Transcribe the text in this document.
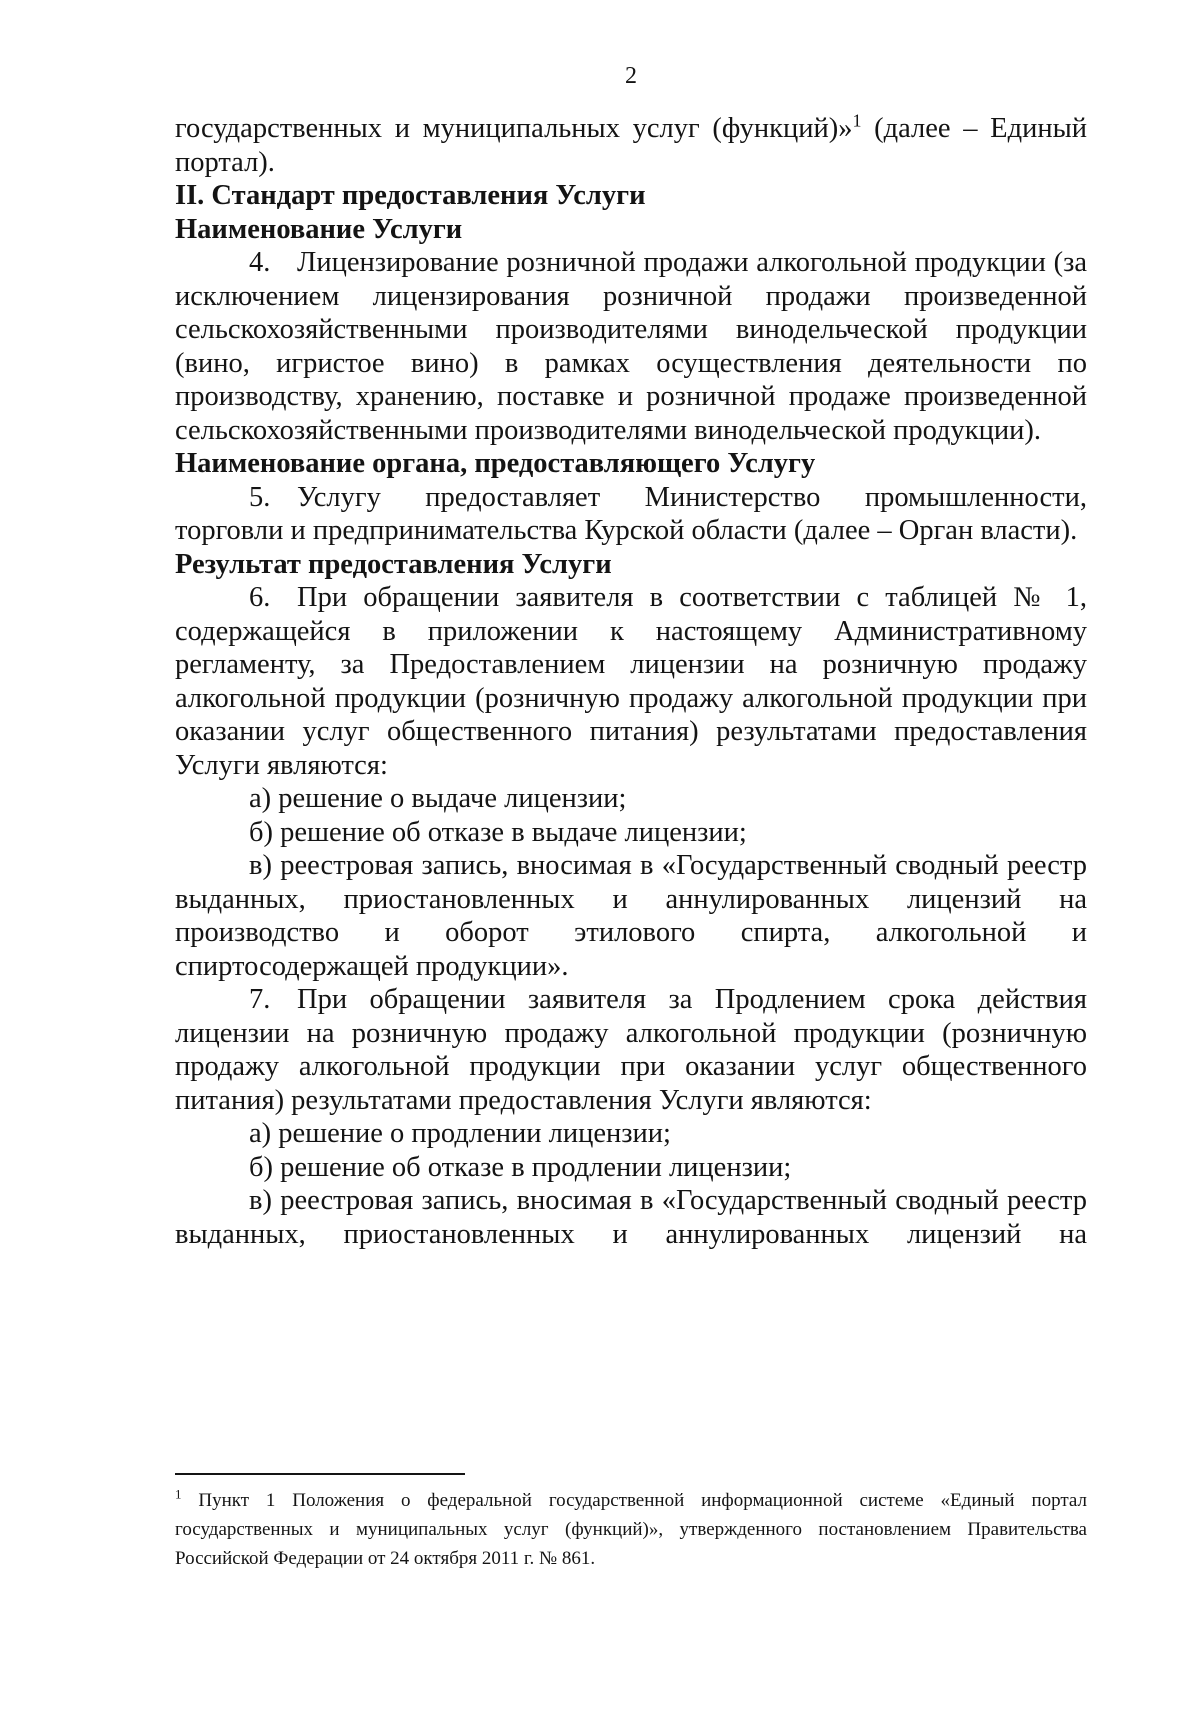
2

государственных и муниципальных услуг (функций)»$^1$ (далее – Единый портал).

II. Стандарт предоставления Услуги

Наименование Услуги

4. Лицензирование розничной продажи алкогольной продукции (за исключением лицензирования розничной продажи произведенной сельскохозяйственными производителями винодельческой продукции (вино, игристое вино) в рамках осуществления деятельности по производству, хранению, поставке и розничной продаже произведенной сельскохозяйственными производителями винодельческой продукции).

Наименование органа, предоставляющего Услугу

5. Услугу предоставляет Министерство промышленности, торговли и предпринимательства Курской области (далее – Орган власти).

Результат предоставления Услуги

6. При обращении заявителя в соответствии с таблицей № 1, содержащейся в приложении к настоящему Административному регламенту, за Предоставлением лицензии на розничную продажу алкогольной продукции (розничную продажу алкогольной продукции при оказании услуг общественного питания) результатами предоставления Услуги являются:

а) решение о выдаче лицензии;

б) решение об отказе в выдаче лицензии;

в) реестровая запись, вносимая в «Государственный сводный реестр выданных, приостановленных и аннулированных лицензий на производство и оборот этилового спирта, алкогольной и спиртосодержащей продукции».

7. При обращении заявителя за Продлением срока действия лицензии на розничную продажу алкогольной продукции (розничную продажу алкогольной продукции при оказании услуг общественного питания) результатами предоставления Услуги являются:

а) решение о продлении лицензии;

б) решение об отказе в продлении лицензии;

в) реестровая запись, вносимая в «Государственный сводный реестр выданных, приостановленных и аннулированных лицензий на

$^1$ Пункт 1 Положения о федеральной государственной информационной системе «Единый портал государственных и муниципальных услуг (функций)», утвержденного постановлением Правительства Российской Федерации от 24 октября 2011 г. № 861.
